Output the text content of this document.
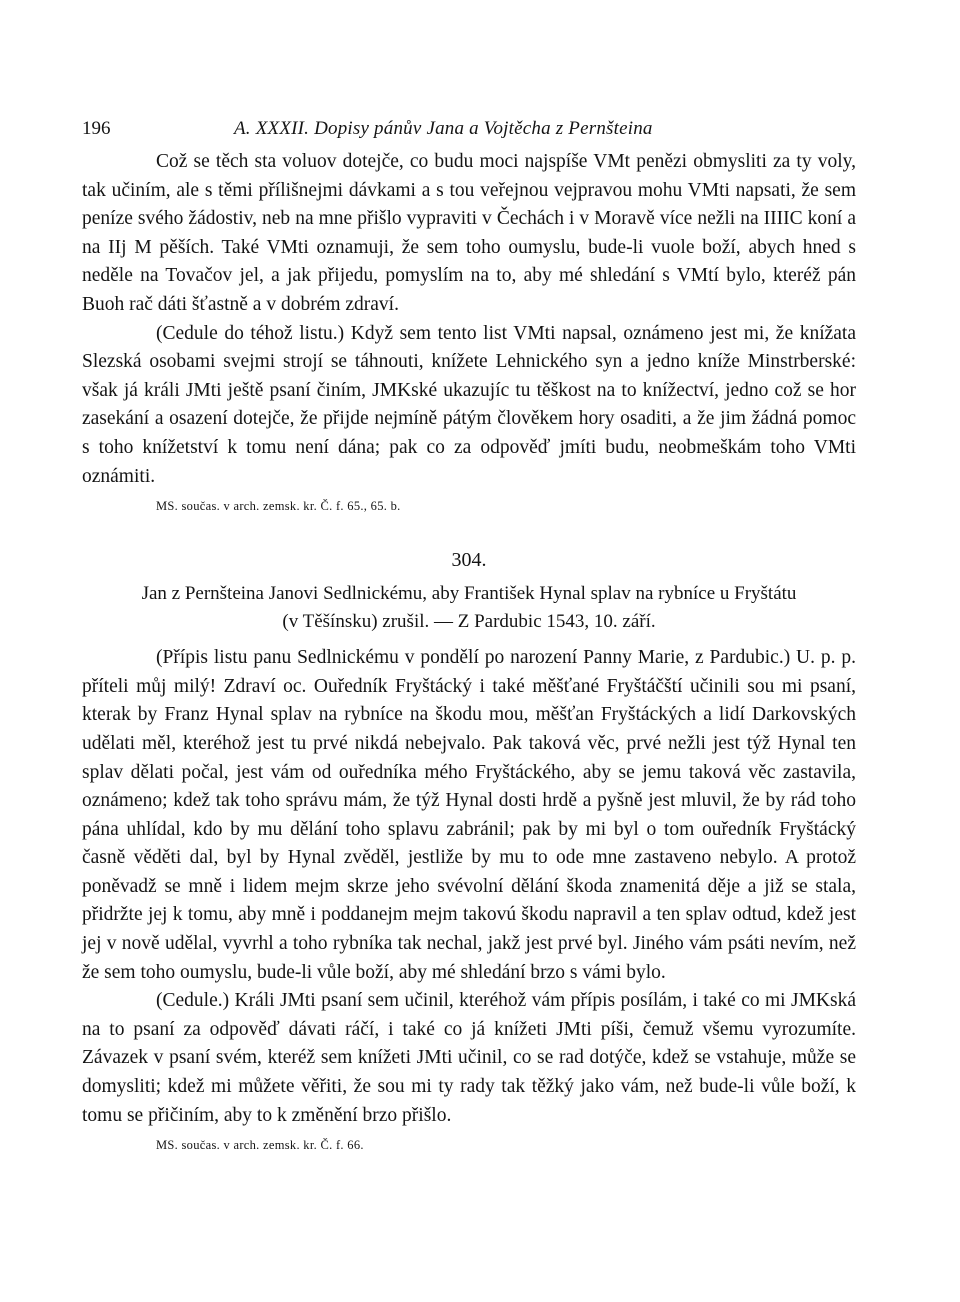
196	A. XXXII. Dopisy pánův Jana a Vojtěcha z Pernšteina

Což se těch sta voluov dotejče, co budu moci najspíše VMt penězi obmysliti za ty voly, tak učiním, ale s těmi přílišnejmi dávkami a s tou veřejnou vejpravou mohu VMti napsati, že sem peníze svého žádostiv, neb na mne přišlo vypraviti v Čechách i v Moravě více nežli na IIIIC koní a na IIj M pěších. Také VMti oznamuji, že sem toho oumyslu, bude-li vuole boží, abych hned s neděle na Tovačov jel, a jak přijedu, pomyslím na to, aby mé shledání s VMtí bylo, kteréž pán Buoh rač dáti šťastně a v dobrém zdraví.

(Cedule do téhož listu.) Když sem tento list VMti napsal, oznámeno jest mi, že knížata Slezská osobami svejmi strojí se táhnouti, knížete Lehnického syn a jedno kníže Minstrberské: však já králi JMti ještě psaní činím, JMKské ukazujíc tu těškost na to knížectví, jedno což se hor zasekání a osazení dotejče, že přijde nejmíně pátým člověkem hory osaditi, a že jim žádná pomoc s toho knížetství k tomu není dána; pak co za odpověď jmíti budu, neobmeškám toho VMti oznámiti.

MS. součas. v arch. zemsk. kr. Č. f. 65., 65. b.
304.
Jan z Pernšteina Janovi Sedlnickému, aby František Hynal splav na rybníce u Fryštátu
(v Těšínsku) zrušil. — Z Pardubic 1543, 10. září.

(Přípis listu panu Sedlnickému v pondělí po narození Panny Marie, z Pardubic.) U. p. p. příteli můj milý! Zdraví oc. Ouředník Fryštácký i také měšťané Fryštáčští učinili sou mi psaní, kterak by Franz Hynal splav na rybníce na škodu mou, měšťan Fryštáckých a lidí Darkovských udělati měl, kteréhož jest tu prvé nikdá nebejvalo. Pak taková věc, prvé nežli jest týž Hynal ten splav dělati počal, jest vám od ouředníka mého Fryštáckého, aby se jemu taková věc zastavila, oznámeno; kdež tak toho správu mám, že týž Hynal dosti hrdě a pyšně jest mluvil, že by rád toho pána uhlídal, kdo by mu dělání toho splavu zabránil; pak by mi byl o tom ouředník Fryštácký časně věděti dal, byl by Hynal zvěděl, jestliže by mu to ode mne zastaveno nebylo. A protož poněvadž se mně i lidem mejm skrze jeho svévolní dělání škoda znamenitá děje a již se stala, přidržte jej k tomu, aby mně i poddanejm mejm takovú škodu napravil a ten splav odtud, kdež jest jej v nově udělal, vyvrhl a toho rybníka tak nechal, jakž jest prvé byl. Jiného vám psáti nevím, než že sem toho oumyslu, bude-li vůle boží, aby mé shledání brzo s vámi bylo.

(Cedule.) Králi JMti psaní sem učinil, kteréhož vám přípis posílám, i také co mi JMKská na to psaní za odpověď dávati ráčí, i také co já knížeti JMti píši, čemuž všemu vyrozumíte. Závazek v psaní svém, kteréž sem knížeti JMti učinil, co se rad dotýče, kdež se vstahuje, může se domysliti; kdež mi můžete věřiti, že sou mi ty rady tak těžký jako vám, než bude-li vůle boží, k tomu se přičiním, aby to k změnění brzo přišlo.

MS. součas. v arch. zemsk. kr. Č. f. 66.
